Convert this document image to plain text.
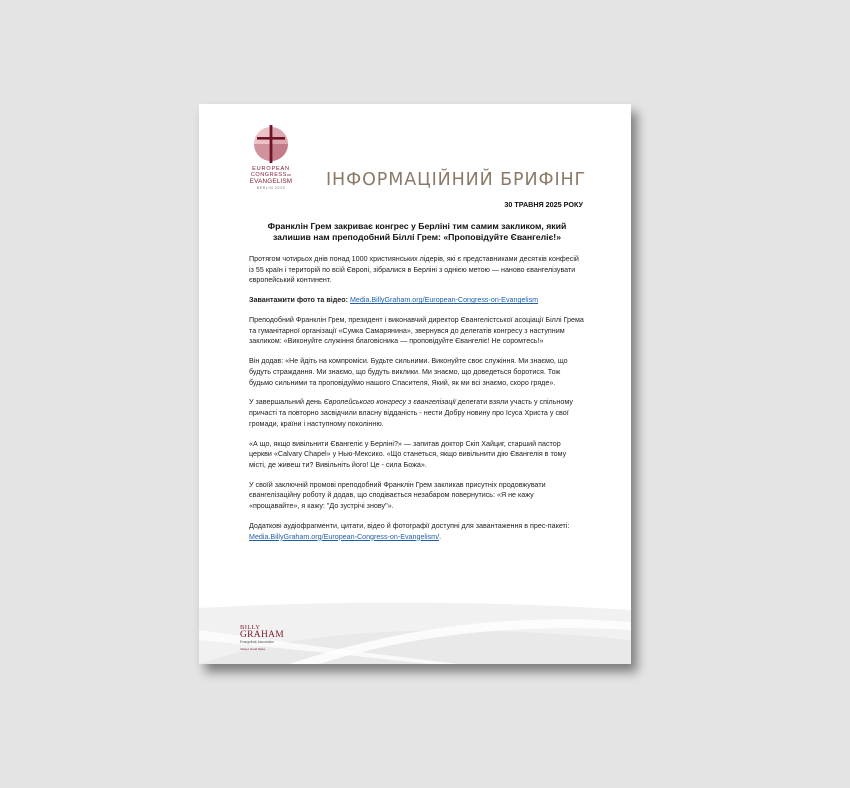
EUROPEAN
CONGRESSon
EVANGELISM
BERLIN 2025	ІНФОРМАЦІЙНИЙ БРИФІНГ
30 ТРАВНЯ 2025 РОКУ
Франклін Грем закриває конгрес у Берліні тим самим закликом, який залишив нам преподобний Біллі Грем: «Проповідуйте Євангеліє!»

Протягом чотирьох днів понад 1000 християнських лідерів, які є представниками десятків конфесій із 55 країн і територій по всій Європі, зібралися в Берліні з однією метою — наново євангелізувати європейський континент.

Завантажити фото та відео: Media.BillyGraham.org/European-Congress-on-Evangelism

Преподобний Франклін Грем, президент і виконавчий директор Євангелістської асоціації Біллі Грема та гуманітарної організації «Сумка Самарянина», звернувся до делегатів конгресу з наступним закликом: «Виконуйте служіння благовісника — проповідуйте Євангеліє! Не соромтесь!»

Він додав: «Не йдіть на компроміси. Будьте сильними. Виконуйте своє служіння. Ми знаємо, що будуть страждання. Ми знаємо, що будуть виклики. Ми знаємо, що доведеться боротися. Тож будьмо сильними та проповідуймо нашого Спасителя, Який, як ми всі знаємо, скоро гряде».

У завершальний день Європейського конгресу з євангелізації делегати взяли участь у спільному причасті та повторно засвідчили власну відданість - нести Добру новину про Ісуса Христа у свої громади, країни і наступному поколінню.

«А що, якщо вивільнити Євангеліє у Берліні?» — запитав доктор Скіп Хайциг, старший пастор церкви «Calvary Chapel» у Нью-Мексико. «Що станеться, якщо вивільнити дію Євангелія в тому місті, де живеш ти? Вивільніть його! Це - сила Божа».

У своїй заключній промові преподобний Франклін Грем закликав присутніх продовжувати євангелізаційну роботу й додав, що сподівається незабаром повернутись: «Я не кажу «прощавайте», я кажу: "До зустрічі знову"».

Додаткові аудіофрагменти, цитати, відео й фотографії доступні для завантаження в прес-пакеті: Media.BillyGraham.org/European-Congress-on-Evangelism/.

BILLY
GRAHAM
Evangelistic Association
Always Good News.
